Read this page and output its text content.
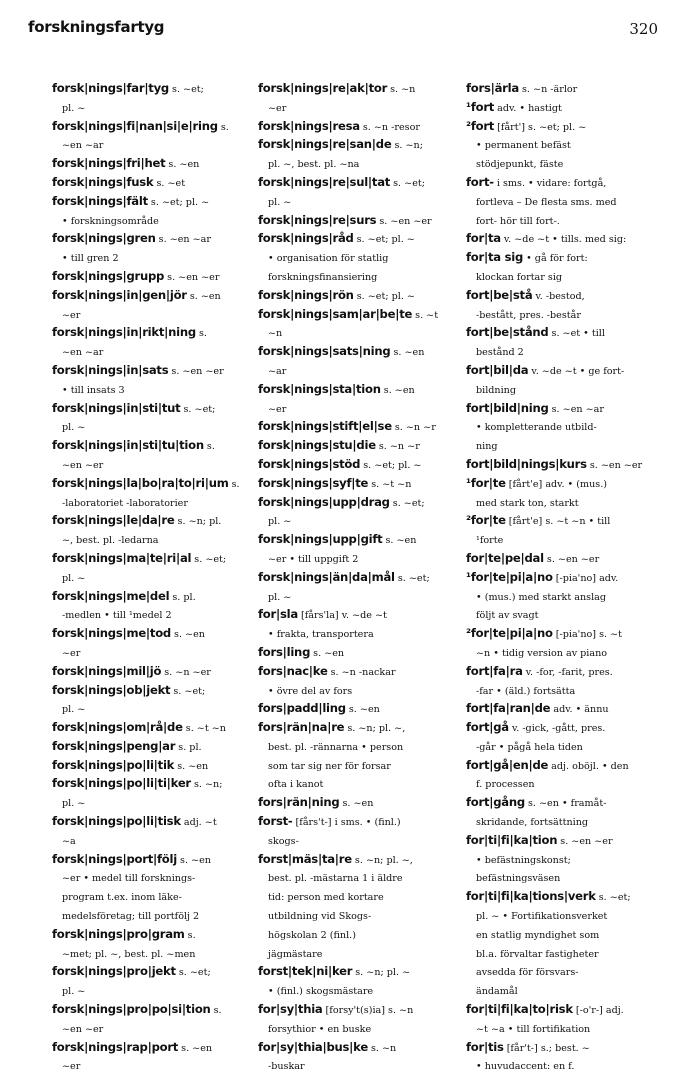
forskningsfartyg	320

forsk|nings|far|tyg s. ~et;
pl. ~

forsk|nings|fi|nan|si|e|ring s.
~en ~ar

forsk|nings|fri|het s. ~en

forsk|nings|fusk s. ~et

forsk|nings|fält s. ~et; pl. ~
• forskningsområde

forsk|nings|gren s. ~en ~ar
• till gren 2

forsk|nings|grupp s. ~en ~er

forsk|nings|in|gen|jör s. ~en
~er

forsk|nings|in|rikt|ning s.
~en ~ar

forsk|nings|in|sats s. ~en ~er
• till insats 3

forsk|nings|in|sti|tut s. ~et;
pl. ~

forsk|nings|in|sti|tu|tion s.
~en ~er

forsk|nings|la|bo|ra|to|ri|um s.
-laboratoriet -laboratorier

forsk|nings|le|da|re s. ~n; pl.
~, best. pl. -ledarna

forsk|nings|ma|te|ri|al s. ~et;
pl. ~

forsk|nings|me|del s. pl.
-medlen • till ¹medel 2

forsk|nings|me|tod s. ~en
~er

forsk|nings|mil|jö s. ~n ~er

forsk|nings|ob|jekt s. ~et;
pl. ~

forsk|nings|om|rå|de s. ~t ~n

forsk|nings|peng|ar s. pl.

forsk|nings|po|li|tik s. ~en

forsk|nings|po|li|ti|ker s. ~n;
pl. ~

forsk|nings|po|li|tisk adj. ~t
~a

forsk|nings|port|följ s. ~en
~er • medel till forsknings-
program t.ex. inom läke-
medelsföretag; till portfölj 2

forsk|nings|pro|gram s.
~met; pl. ~, best. pl. ~men

forsk|nings|pro|jekt s. ~et;
pl. ~

forsk|nings|pro|po|si|tion s.
~en ~er

forsk|nings|rap|port s. ~en
~er

forsk|nings|re|ak|tor s. ~n
~er

forsk|nings|resa s. ~n -resor

forsk|nings|re|san|de s. ~n;
pl. ~, best. pl. ~na

forsk|nings|re|sul|tat s. ~et;
pl. ~

forsk|nings|re|surs s. ~en ~er

forsk|nings|råd s. ~et; pl. ~
• organisation för statlig
forskningsfinansiering

forsk|nings|rön s. ~et; pl. ~

forsk|nings|sam|ar|be|te s. ~t
~n

forsk|nings|sats|ning s. ~en
~ar

forsk|nings|sta|tion s. ~en
~er

forsk|nings|stift|el|se s. ~n ~r

forsk|nings|stu|die s. ~n ~r

forsk|nings|stöd s. ~et; pl. ~

forsk|nings|syf|te s. ~t ~n

forsk|nings|upp|drag s. ~et;
pl. ~

forsk|nings|upp|gift s. ~en
~er • till uppgift 2

forsk|nings|än|da|mål s. ~et;
pl. ~

for|sla [fårs'la] v. ~de ~t
• frakta, transportera

fors|ling s. ~en

fors|nac|ke s. ~n -nackar
• övre del av fors

fors|padd|ling s. ~en

fors|rän|na|re s. ~n; pl. ~,
best. pl. -rännarna • person
som tar sig ner för forsar
ofta i kanot

fors|rän|ning s. ~en

forst- [fårs't-] i sms. • (finl.)
skogs-

forst|mäs|ta|re s. ~n; pl. ~,
best. pl. -mästarna 1 i äldre
tid: person med kortare
utbildning vid Skogs-
högskolan 2 (finl.)
jägmästare

forst|tek|ni|ker s. ~n; pl. ~
• (finl.) skogsmästare

for|sy|thia [forsy't(s)ia] s. ~n
forsythior • en buske

for|sy|thia|bus|ke s. ~n
-buskar

fors|ärla s. ~n -ärlor

¹fort adv. • hastigt

²fort [fårt'] s. ~et; pl. ~
• permanent befäst
stödjepunkt, fäste

fort- i sms. • vidare: fortgå,
fortleva – De flesta sms. med
fort- hör till fort-.

for|ta v. ~de ~t • tills. med sig:

for|ta sig • gå för fort:
klockan fortar sig

fort|be|stå v. -bestod,
-bestått, pres. -består

fort|be|stånd s. ~et • till
bestånd 2

fort|bil|da v. ~de ~t • ge fort-
bildning

fort|bild|ning s. ~en ~ar
• kompletterande utbild-
ning

fort|bild|nings|kurs s. ~en ~er

¹for|te [fårt'e] adv. • (mus.)
med stark ton, starkt

²for|te [fårt'e] s. ~t ~n • till
¹forte

for|te|pe|dal s. ~en ~er

¹for|te|pi|a|no [-pia'no] adv.
• (mus.) med starkt anslag
följt av svagt

²for|te|pi|a|no [-pia'no] s. ~t
~n • tidig version av piano

fort|fa|ra v. -for, -farit, pres.
-far • (äld.) fortsätta

fort|fa|ran|de adv. • ännu

fort|gå v. -gick, -gått, pres.
-går • pågå hela tiden

fort|gå|en|de adj. oböjl. • den
f. processen

fort|gång s. ~en • framåt-
skridande, fortsättning

for|ti|fi|ka|tion s. ~en ~er
• befästningskonst;
befästningsväsen

for|ti|fi|ka|tions|verk s. ~et;
pl. ~ • Fortifikationsverket
en statlig myndighet som
bl.a. förvaltar fastigheter
avsedda för försvars-
ändamål

for|ti|fi|ka|to|risk [-o'r-] adj.
~t ~a • till fortifikation

for|tis [får't-] s.; best. ~
• huvudaccent: en f.
